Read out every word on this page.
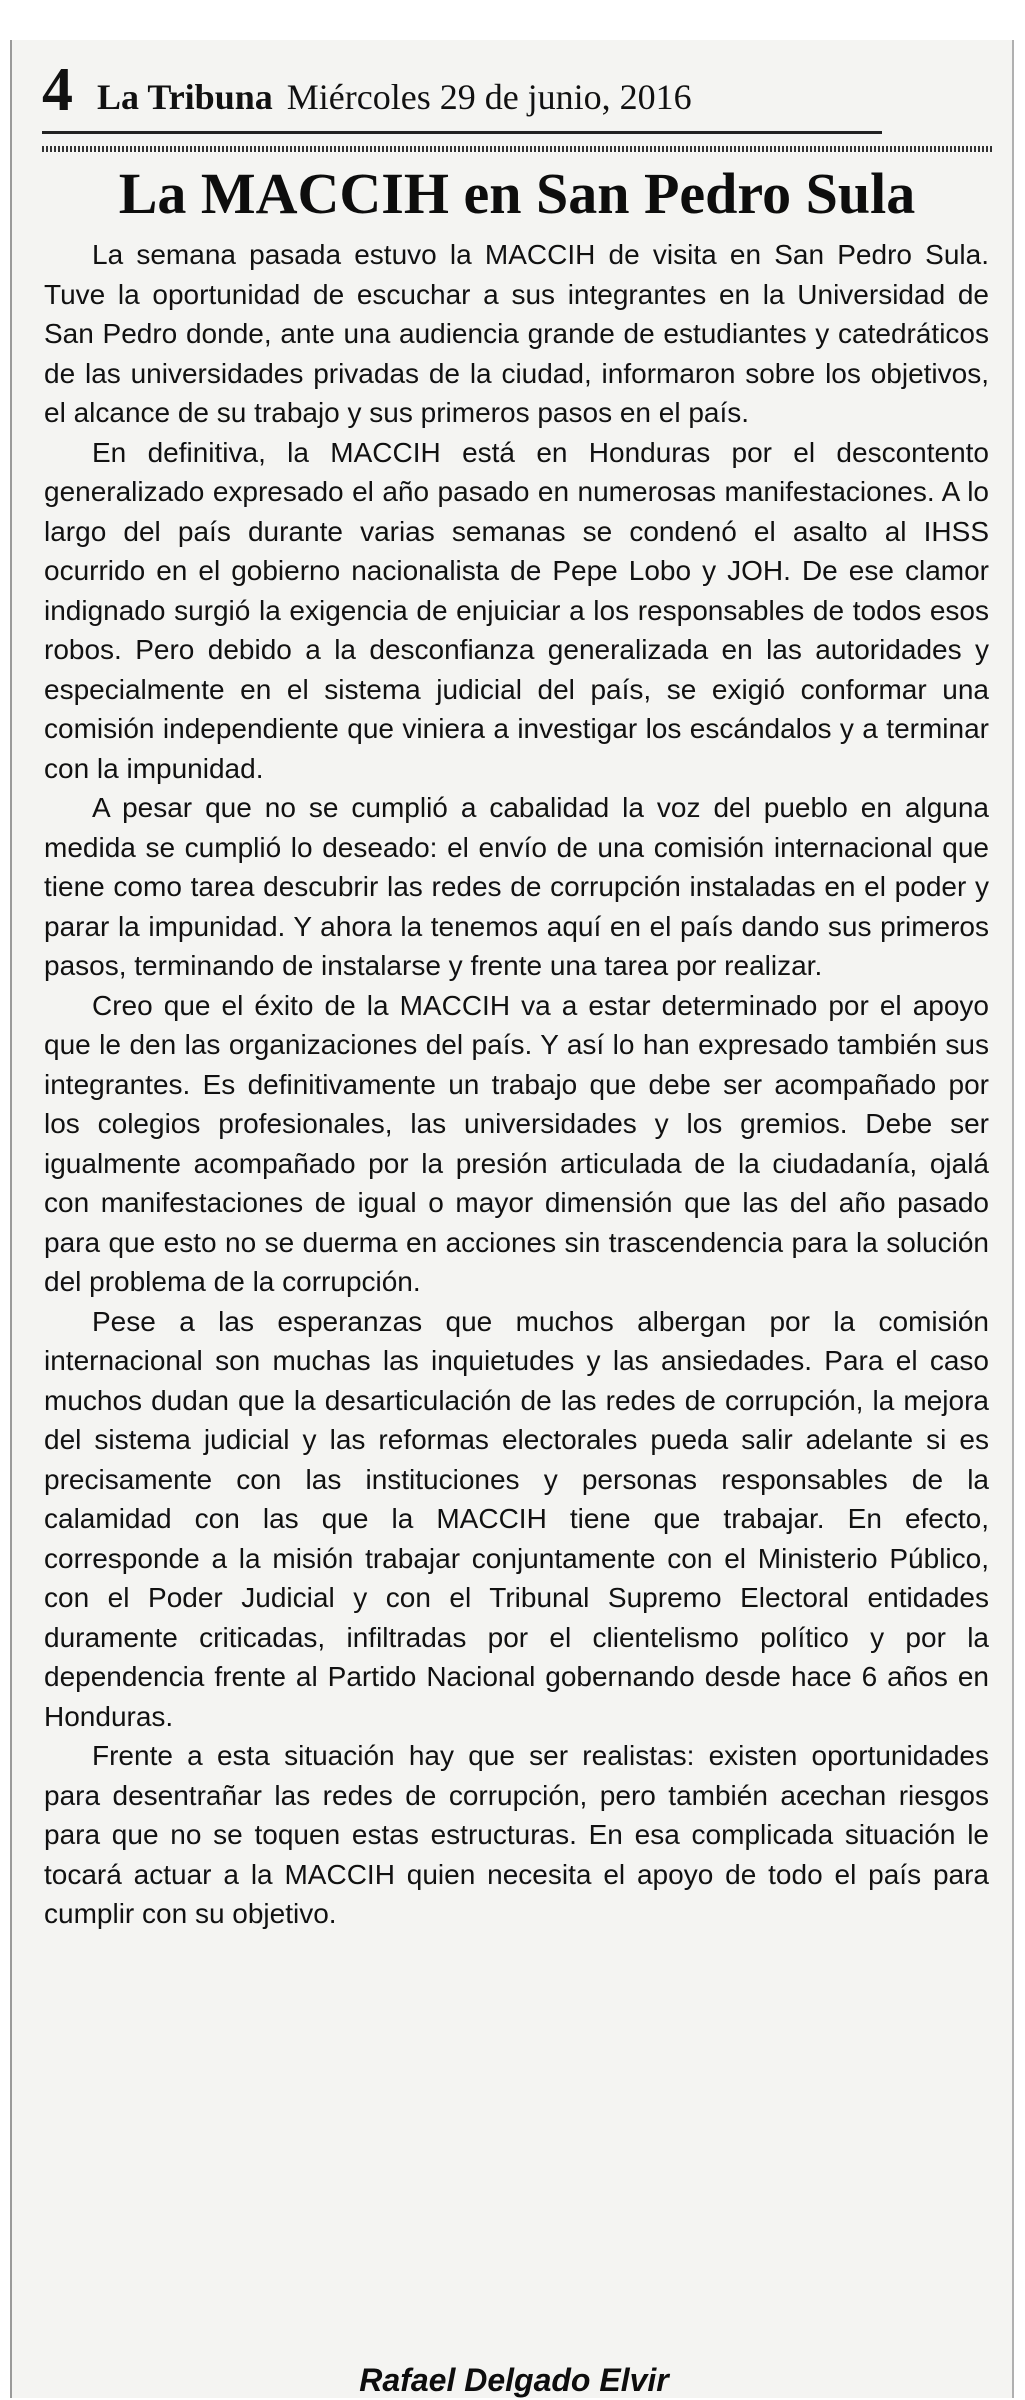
4 La Tribuna Miércoles 29 de junio, 2016
La MACCIH en San Pedro Sula

La semana pasada estuvo la MACCIH de visita en San Pedro Sula. Tuve la oportunidad de escuchar a sus integrantes en la Universidad de San Pedro donde, ante una audiencia grande de estudiantes y catedráticos de las universidades privadas de la ciudad, informaron sobre los objetivos, el alcance de su trabajo y sus primeros pasos en el país.

En definitiva, la MACCIH está en Honduras por el descontento generalizado expresado el año pasado en numerosas manifestaciones. A lo largo del país durante varias semanas se condenó el asalto al IHSS ocurrido en el gobierno nacionalista de Pepe Lobo y JOH. De ese clamor indignado surgió la exigencia de enjuiciar a los responsables de todos esos robos. Pero debido a la desconfianza generalizada en las autoridades y especialmente en el sistema judicial del país, se exigió conformar una comisión independiente que viniera a investigar los escándalos y a terminar con la impunidad.

A pesar que no se cumplió a cabalidad la voz del pueblo en alguna medida se cumplió lo deseado: el envío de una comisión internacional que tiene como tarea descubrir las redes de corrupción instaladas en el poder y parar la impunidad. Y ahora la tenemos aquí en el país dando sus primeros pasos, terminando de instalarse y frente una tarea por realizar.

Creo que el éxito de la MACCIH va a estar determinado por el apoyo que le den las organizaciones del país. Y así lo han expresado también sus integrantes. Es definitivamente un trabajo que debe ser acompañado por los colegios profesionales, las universidades y los gremios. Debe ser igualmente acompañado por la presión articulada de la ciudadanía, ojalá con manifestaciones de igual o mayor dimensión que las del año pasado para que esto no se duerma en acciones sin trascendencia para la solución del problema de la corrupción.

Pese a las esperanzas que muchos albergan por la comisión internacional son muchas las inquietudes y las ansiedades. Para el caso muchos dudan que la desarticulación de las redes de corrupción, la mejora del sistema judicial y las reformas electorales pueda salir adelante si es precisamente con las instituciones y personas responsables de la calamidad con las que la MACCIH tiene que trabajar. En efecto, corresponde a la misión trabajar conjuntamente con el Ministerio Público, con el Poder Judicial y con el Tribunal Supremo Electoral entidades duramente criticadas, infiltradas por el clientelismo político y por la dependencia frente al Partido Nacional gobernando desde hace 6 años en Honduras.

Frente a esta situación hay que ser realistas: existen oportunidades para desentrañar las redes de corrupción, pero también acechan riesgos para que no se toquen estas estructuras. En esa complicada situación le tocará actuar a la MACCIH quien necesita el apoyo de todo el país para cumplir con su objetivo.

Rafael Delgado Elvir
